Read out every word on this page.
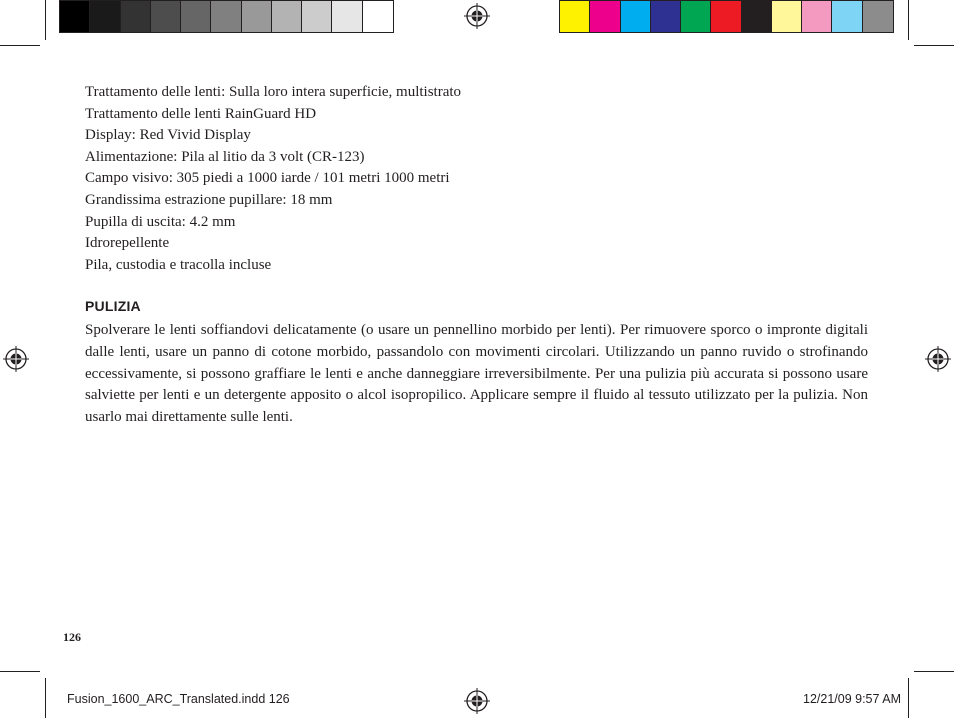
Trattamento delle lenti: Sulla loro intera superficie, multistrato
Trattamento delle lenti RainGuard HD
Display: Red Vivid Display
Alimentazione: Pila al litio da 3 volt (CR-123)
Campo visivo: 305 piedi a 1000 iarde / 101 metri 1000 metri
Grandissima estrazione pupillare: 18 mm
Pupilla di uscita: 4.2 mm
Idrorepellente
Pila, custodia e tracolla incluse
PULIZIA
Spolverare le lenti soffiandovi delicatamente (o usare un pennellino morbido per lenti). Per rimuovere sporco o impronte digitali dalle lenti, usare un panno di cotone morbido, passandolo con movimenti circolari. Utilizzando un panno ruvido o strofinando eccessivamente, si possono graffiare le lenti e anche danneggiare irreversibilmente. Per una pulizia più accurata si possono usare salviette per lenti e un detergente apposito o alcol isopropilico. Applicare sempre il fluido al tessuto utilizzato per la pulizia. Non usarlo mai direttamente sulle lenti.
126
Fusion_1600_ARC_Translated.indd 126	12/21/09 9:57 AM
